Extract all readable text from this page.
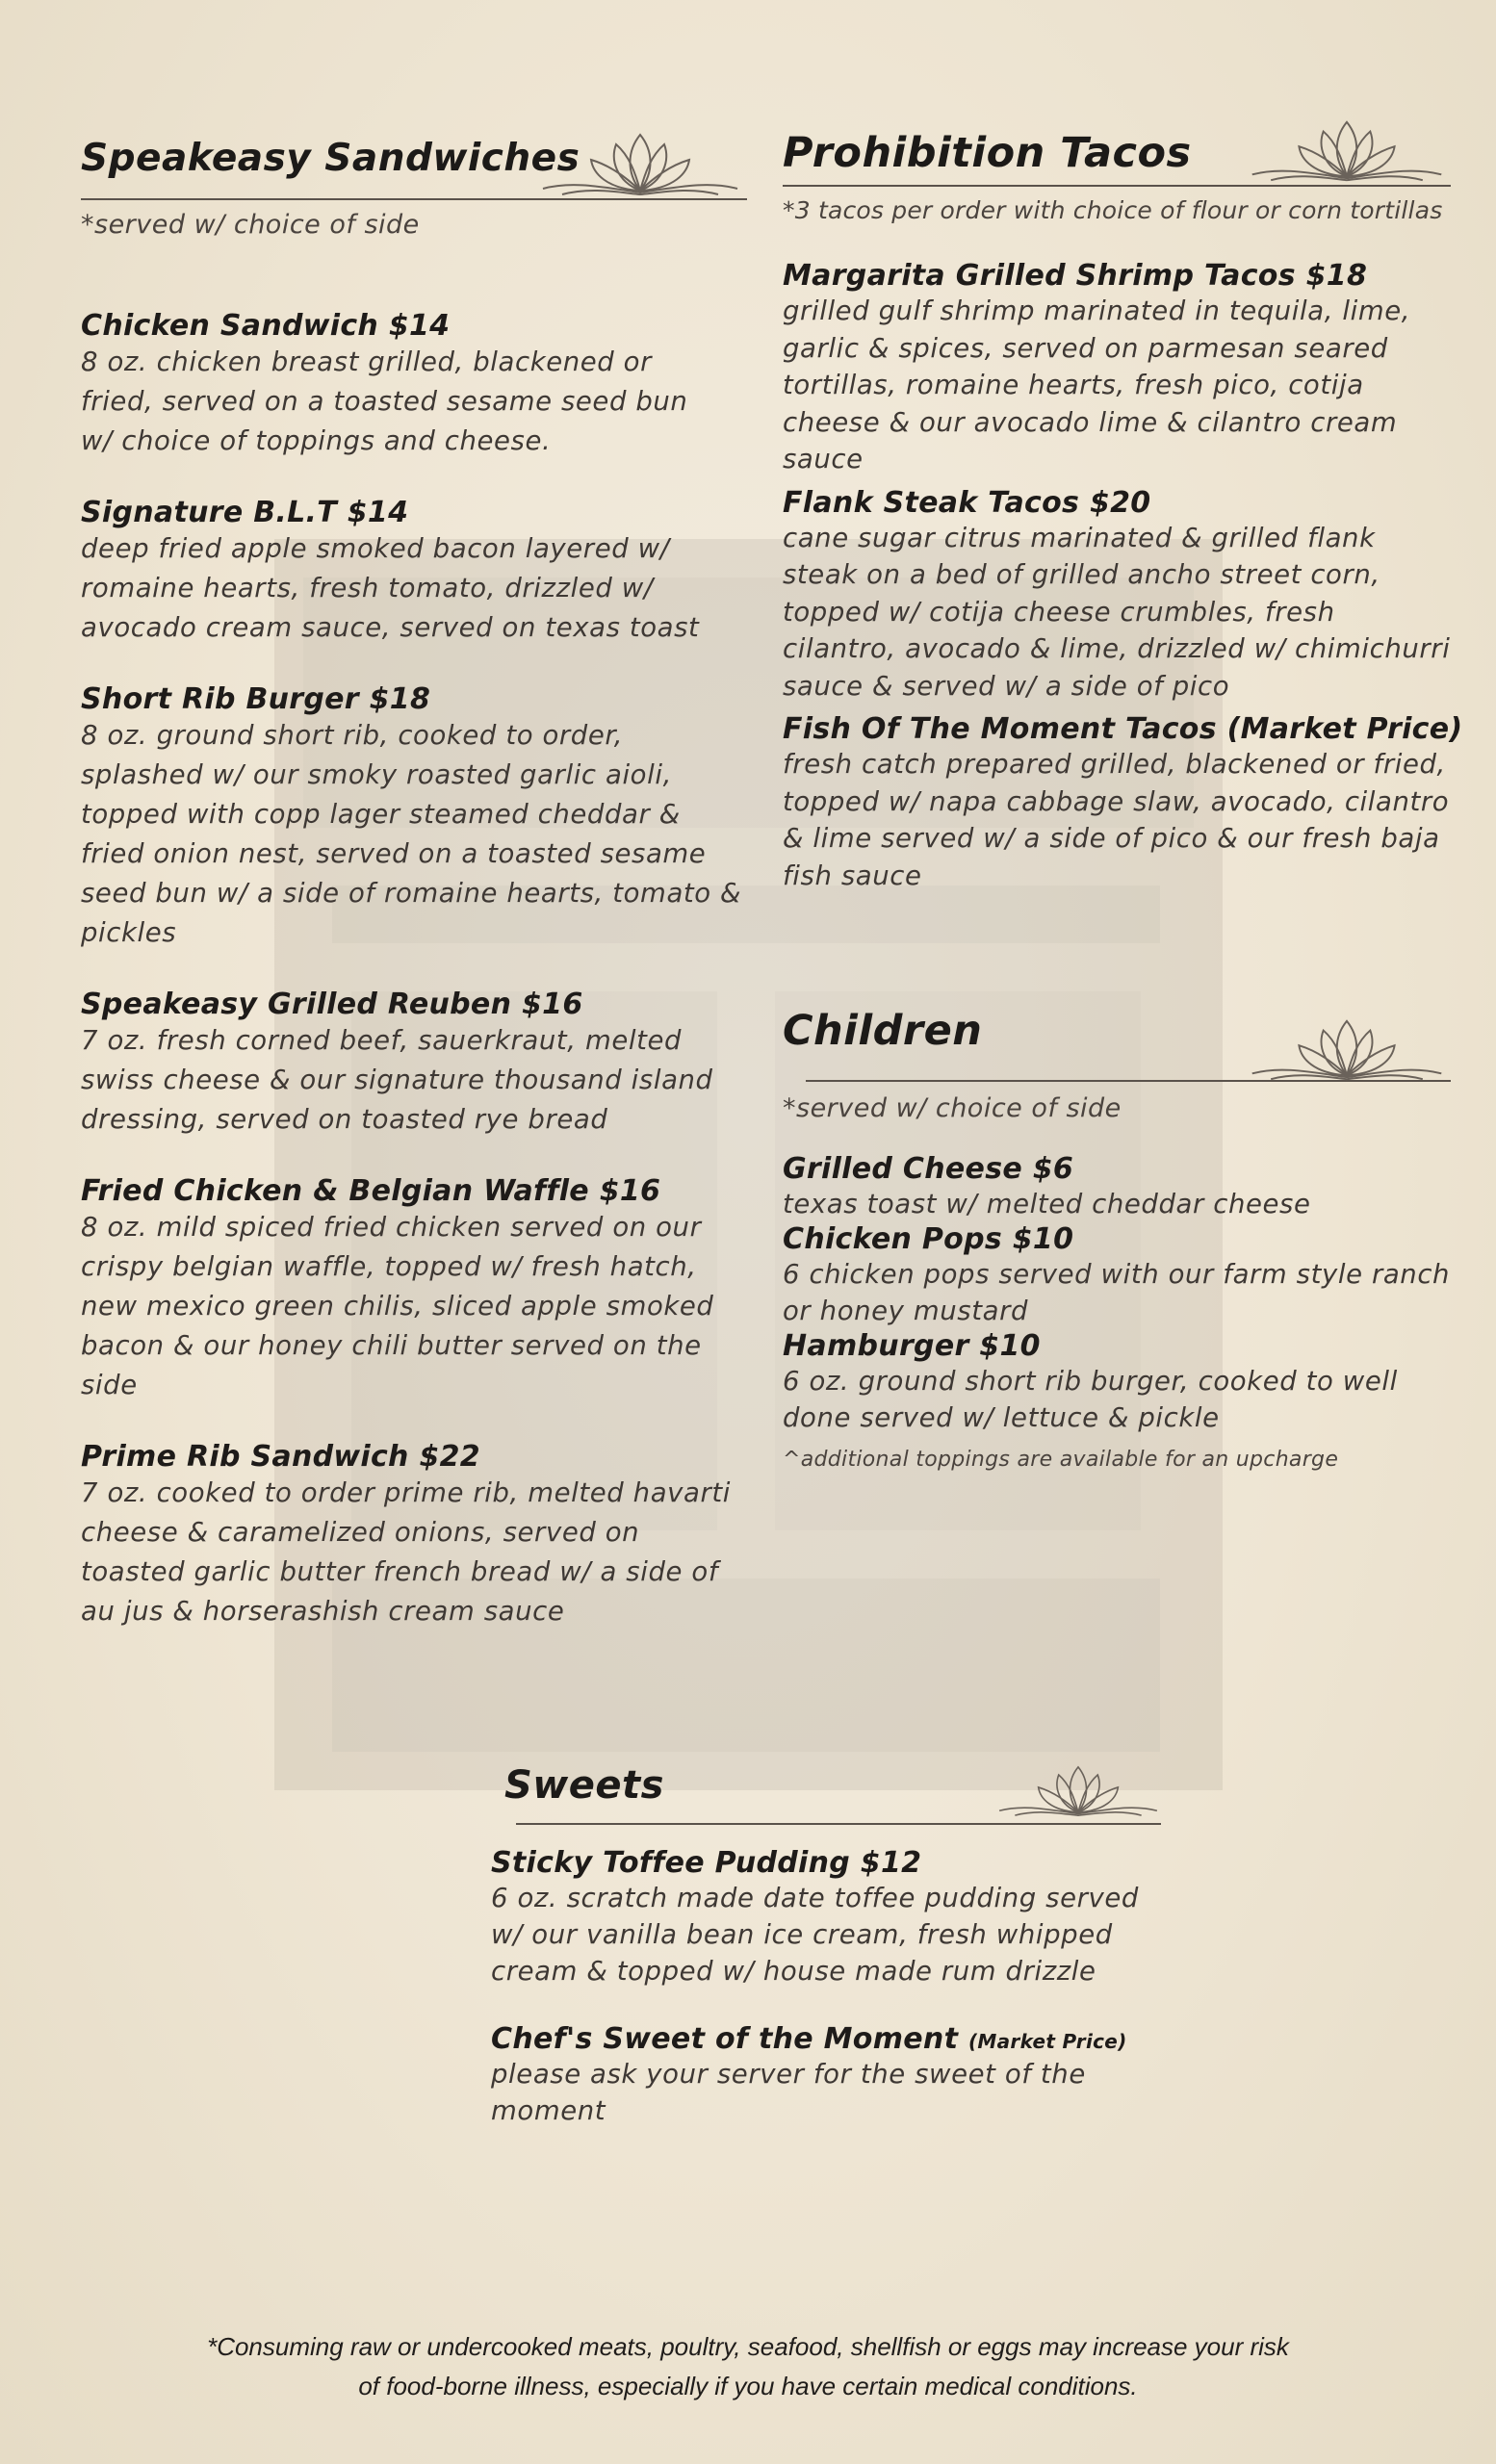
Speakeasy Sandwiches
*served w/ choice of side
Chicken Sandwich $14
8 oz. chicken breast grilled, blackened or fried, served on a toasted sesame seed bun w/ choice of toppings and cheese.
Signature B.L.T $14
deep fried apple smoked bacon layered w/ romaine hearts, fresh tomato, drizzled w/ avocado cream sauce, served on texas toast
Short Rib Burger $18
8 oz. ground short rib, cooked to order, splashed w/ our smoky roasted garlic aioli, topped with copp lager steamed cheddar & fried onion nest, served on a toasted sesame seed bun w/ a side of romaine hearts, tomato & pickles
Speakeasy Grilled Reuben $16
7 oz. fresh corned beef, sauerkraut, melted swiss cheese & our signature thousand island dressing, served on toasted rye bread
Fried Chicken & Belgian Waffle $16
8 oz. mild spiced fried chicken served on our crispy belgian waffle, topped w/ fresh hatch, new mexico green chilis, sliced apple smoked bacon & our honey chili butter served on the side
Prime Rib Sandwich $22
7 oz. cooked to order prime rib, melted havarti cheese & caramelized onions, served on toasted garlic butter french bread w/ a side of au jus & horserashish cream sauce
Prohibition Tacos
*3 tacos per order with choice of flour or corn tortillas
Margarita Grilled Shrimp Tacos $18
grilled gulf shrimp marinated in tequila, lime, garlic & spices, served on parmesan seared tortillas, romaine hearts, fresh pico, cotija cheese & our avocado lime & cilantro cream sauce
Flank Steak Tacos $20
cane sugar citrus marinated & grilled flank steak on a bed of grilled ancho street corn, topped w/ cotija cheese crumbles, fresh cilantro, avocado & lime, drizzled w/ chimichurri sauce & served w/ a side of pico
Fish Of The Moment Tacos (Market Price)
fresh catch prepared grilled, blackened or fried, topped w/ napa cabbage slaw, avocado, cilantro & lime served w/ a side of pico & our fresh baja fish sauce
Children
*served w/ choice of side
Grilled Cheese $6
texas toast w/ melted cheddar cheese
Chicken Pops $10
6 chicken pops served with our farm style ranch or honey mustard
Hamburger $10
6 oz. ground short rib burger, cooked to well done served w/ lettuce & pickle
^additional toppings are available for an upcharge
Sweets
Sticky Toffee Pudding $12
6 oz. scratch made date toffee pudding served w/ our vanilla bean ice cream, fresh whipped cream & topped w/ house made rum drizzle
Chef's Sweet of the Moment (Market Price)
please ask your server for the sweet of the moment
*Consuming raw or undercooked meats, poultry, seafood, shellfish or eggs may increase your risk
of food-borne illness, especially if you have certain medical conditions.
